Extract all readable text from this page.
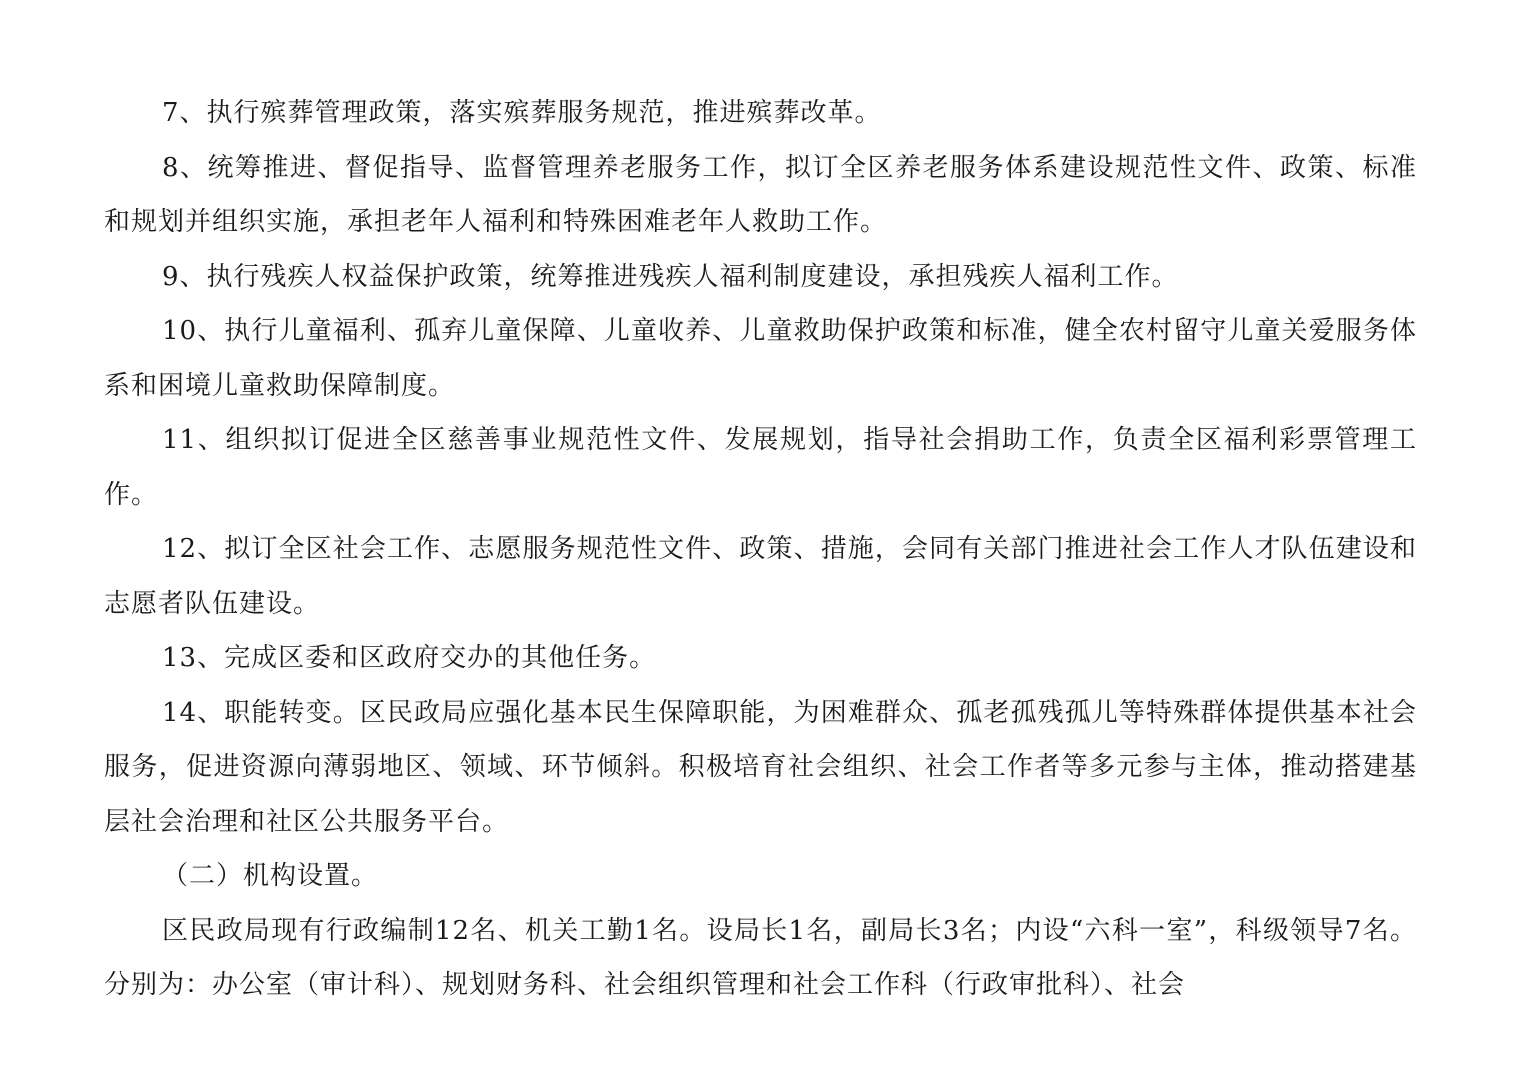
7、执行殡葬管理政策，落实殡葬服务规范，推进殡葬改革。

8、统筹推进、督促指导、监督管理养老服务工作，拟订全区养老服务体系建设规范性文件、政策、标准和规划并组织实施，承担老年人福利和特殊困难老年人救助工作。

9、执行残疾人权益保护政策，统筹推进残疾人福利制度建设，承担残疾人福利工作。

10、执行儿童福利、孤弃儿童保障、儿童收养、儿童救助保护政策和标准，健全农村留守儿童关爱服务体系和困境儿童救助保障制度。

11、组织拟订促进全区慈善事业规范性文件、发展规划，指导社会捐助工作，负责全区福利彩票管理工作。

12、拟订全区社会工作、志愿服务规范性文件、政策、措施，会同有关部门推进社会工作人才队伍建设和志愿者队伍建设。

13、完成区委和区政府交办的其他任务。

14、职能转变。区民政局应强化基本民生保障职能，为困难群众、孤老孤残孤儿等特殊群体提供基本社会服务，促进资源向薄弱地区、领域、环节倾斜。积极培育社会组织、社会工作者等多元参与主体，推动搭建基层社会治理和社区公共服务平台。

（二）机构设置。

区民政局现有行政编制12名、机关工勤1名。设局长1名，副局长3名；内设“六科一室”，科级领导7名。分别为：办公室（审计科）、规划财务科、社会组织管理和社会工作科（行政审批科）、社会
